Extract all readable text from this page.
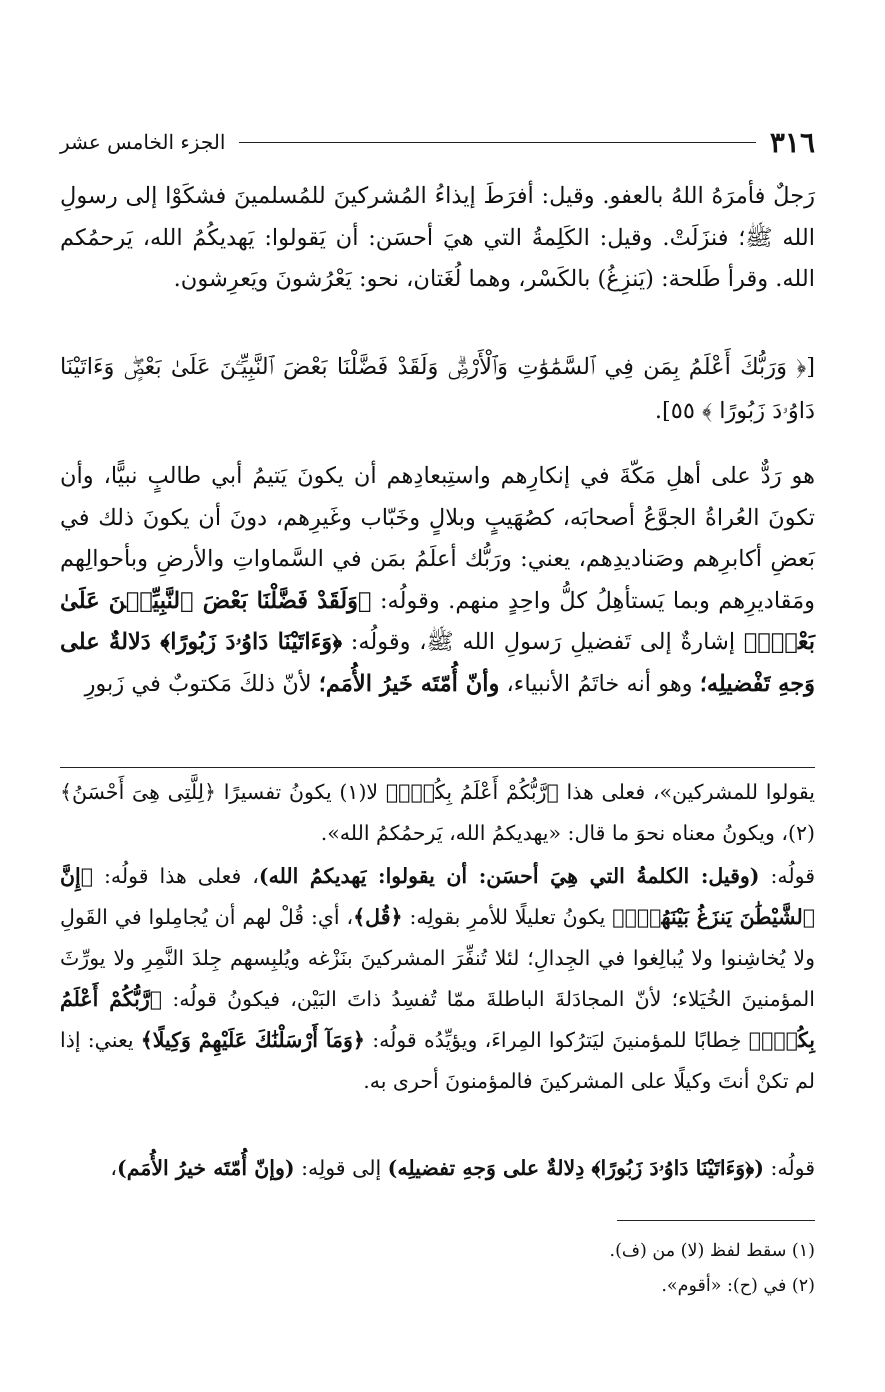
٣١٦
الجزء الخامس عشر

رَجلٌ فأمرَهُ اللهُ بالعفو. وقيل: أفرَطَ إيذاءُ المُشركينَ للمُسلمينَ فشكَوْا إلى رسولِ الله ﷺ؛ فنزَلَتْ. وقيل: الكَلِمةُ التي هيَ أحسَن: أن يَقولوا: يَهديكُمُ الله، يَرحمُكم الله. وقرأ طَلحة: (يَنزِغُ) بالكَسْر، وهما لُغَتان، نحو: يَعْرُشونَ ويَعرِشون.

[﴿ وَرَبُّكَ أَعْلَمُ بِمَن فِي ٱلسَّمَٰوَٰتِ وَٱلْأَرْضِۗ وَلَقَدْ فَضَّلْنَا بَعْضَ ٱلنَّبِيِّـۧنَ عَلَىٰ بَعْضٍۖ وَءَاتَيْنَا دَاوُۥدَ زَبُورًا ﴾ ٥٥].

هو رَدٌّ على أهلِ مَكّةَ في إنكارِهم واستِبعادِهم أن يكونَ يَتيمُ أبي طالبٍ نبيًّا، وأن تكونَ العُراةُ الجوَّعُ أصحابَه، كصُهَيبٍ وبلالٍ وخَبّاب وغَيرِهم، دونَ أن يكونَ ذلك في بَعضِ أكابرِهم وصَناديدِهم، يعني: ورَبُّك أعلَمُ بمَن في السَّماواتِ والأرضِ وبأحوالِهم ومَقاديرِهم وبما يَستأهِلُ كلُّ واحِدٍ منهم. وقولُه: ﴿وَلَقَدْ فَضَّلْنَا بَعْضَ ٱلنَّبِيِّـۧنَ عَلَىٰ بَعْضٍۖ﴾ إشارةٌ إلى تَفضيلِ رَسولِ الله ﷺ، وقولُه: ﴿وَءَاتَيْنَا دَاوُۥدَ زَبُورًا﴾ دَلالةٌ على وَجهِ تَفْضيلِه؛ وهو أنه خاتَمُ الأنبياء، وأنّ أُمّتَه خَيرُ الأُمَم؛ لأنّ ذلكَ مَكتوبٌ في زَبورِ

يقولوا للمشركين»، فعلى هذا ﴿رَّبُّكُمْ أَعْلَمُ بِكُمْۖ﴾ لا(١) يكونُ تفسيرًا ﴿لِلَّتِى هِىَ أَحْسَنُ﴾(٢)، ويكونُ معناه نحوَ ما قال: «يهديكمُ الله، يَرحمُكمُ الله».

قولُه: (وقيل: الكلمةُ التي هِيَ أحسَن: أن يقولوا: يَهديكمُ الله)، فعلى هذا قولُه: ﴿إِنَّ ٱلشَّيْطَٰنَ يَنزَغُ بَيْنَهُمْۚ﴾ يكونُ تعليلًا للأمرِ بقولِه: ﴿قُل﴾، أي: قُلْ لهم أن يُجامِلوا في القَولِ ولا يُخاشِنوا ولا يُبالِغوا في الجِدالِ؛ لئلا تُنفِّرَ المشركينَ بنَزْغه ويُلبِسهم جِلدَ النَّمِرِ ولا يورِّثَ المؤمنينَ الخُيَلاء؛ لأنّ المجادَلةَ الباطلةَ ممّا تُفسِدُ ذاتَ البَيْن، فيكونُ قولُه: ﴿رَّبُّكُمْ أَعْلَمُ بِكُمْۖ﴾ خِطابًا للمؤمنينَ ليَترُكوا المِراءَ، ويؤيِّدُه قولُه: ﴿وَمَآ أَرْسَلْنَٰكَ عَلَيْهِمْ وَكِيلًا﴾ يعني: إذا لم تكنْ أنتَ وكيلًا على المشركينَ فالمؤمنونَ أحرى به.

قولُه: (﴿وَءَاتَيْنَا دَاوُۥدَ زَبُورًا﴾ دِلالةٌ على وَجهِ تفضيلِه) إلى قولِه: (وإنّ أُمّتَه خيرُ الأُمَم)،

(١) سقط لفظ (لا) من (ف).
(٢) في (ح): «أقوم».
